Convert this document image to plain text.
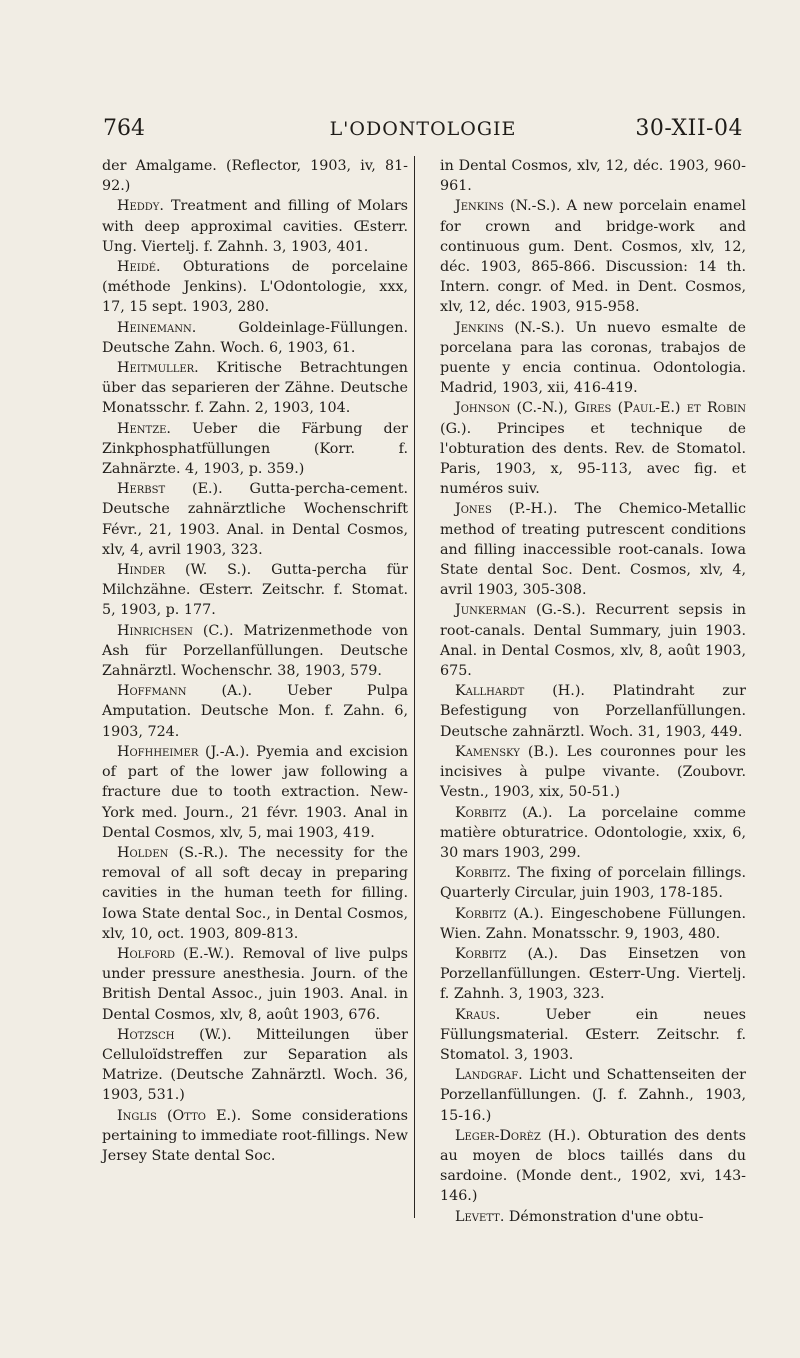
764	L'ODONTOLOGIE	30-XII-04

der Amalgame. (Reflector, 1903, iv, 81-92.)

Heddy. Treatment and filling of Molars with deep approximal cavities. Œsterr. Ung. Viertelj. f. Zahnh. 3, 1903, 401.

Heidé. Obturations de porcelaine (méthode Jenkins). L'Odontologie, xxx, 17, 15 sept. 1903, 280.

Heinemann. Goldeinlage-Füllungen. Deutsche Zahn. Woch. 6, 1903, 61.

Heitmuller. Kritische Betrachtungen über das separieren der Zähne. Deutsche Monatsschr. f. Zahn. 2, 1903, 104.

Hentze. Ueber die Färbung der Zinkphosphatfüllungen (Korr. f. Zahnärzte. 4, 1903, p. 359.)

Herbst (E.). Gutta-percha-cement. Deutsche zahnärztliche Wochenschrift Févr., 21, 1903. Anal. in Dental Cosmos, xlv, 4, avril 1903, 323.

Hinder (W. S.). Gutta-percha für Milchzähne. Œsterr. Zeitschr. f. Stomat. 5, 1903, p. 177.

Hinrichsen (C.). Matrizenmethode von Ash für Porzellanfüllungen. Deutsche Zahnärztl. Wochenschr. 38, 1903, 579.

Hoffmann (A.). Ueber Pulpa Amputation. Deutsche Mon. f. Zahn. 6, 1903, 724.

Hofhheimer (J.-A.). Pyemia and excision of part of the lower jaw following a fracture due to tooth extraction. New-York med. Journ., 21 févr. 1903. Anal in Dental Cosmos, xlv, 5, mai 1903, 419.

Holden (S.-R.). The necessity for the removal of all soft decay in preparing cavities in the human teeth for filling. Iowa State dental Soc., in Dental Cosmos, xlv, 10, oct. 1903, 809-813.

Holford (E.-W.). Removal of live pulps under pressure anesthesia. Journ. of the British Dental Assoc., juin 1903. Anal. in Dental Cosmos, xlv, 8, août 1903, 676.

Hotzsch (W.). Mitteilungen über Celluloïdstreffen zur Separation als Matrize. (Deutsche Zahnärztl. Woch. 36, 1903, 531.)

Inglis (Otto E.). Some considerations pertaining to immediate root-fillings. New Jersey State dental Soc.

in Dental Cosmos, xlv, 12, déc. 1903, 960-961.

Jenkins (N.-S.). A new porcelain enamel for crown and bridge-work and continuous gum. Dent. Cosmos, xlv, 12, déc. 1903, 865-866. Discussion: 14 th. Intern. congr. of Med. in Dent. Cosmos, xlv, 12, déc. 1903, 915-958.

Jenkins (N.-S.). Un nuevo esmalte de porcelana para las coronas, trabajos de puente y encia continua. Odontologia. Madrid, 1903, xii, 416-419.

Johnson (C.-N.), Gires (Paul-E.) et Robin (G.). Principes et technique de l'obturation des dents. Rev. de Stomatol. Paris, 1903, x, 95-113, avec fig. et numéros suiv.

Jones (P.-H.). The Chemico-Metallic method of treating putrescent conditions and filling inaccessible root-canals. Iowa State dental Soc. Dent. Cosmos, xlv, 4, avril 1903, 305-308.

Junkerman (G.-S.). Recurrent sepsis in root-canals. Dental Summary, juin 1903. Anal. in Dental Cosmos, xlv, 8, août 1903, 675.

Kallhardt (H.). Platindraht zur Befestigung von Porzellanfüllungen. Deutsche zahnärztl. Woch. 31, 1903, 449.

Kamensky (B.). Les couronnes pour les incisives à pulpe vivante. (Zoubovr. Vestn., 1903, xix, 50-51.)

Korbitz (A.). La porcelaine comme matière obturatrice. Odontologie, xxix, 6, 30 mars 1903, 299.

Korbitz. The fixing of porcelain fillings. Quarterly Circular, juin 1903, 178-185.

Korbitz (A.). Eingeschobene Füllungen. Wien. Zahn. Monatsschr. 9, 1903, 480.

Korbitz (A.). Das Einsetzen von Porzellanfüllungen. Œsterr-Ung. Viertelj. f. Zahnh. 3, 1903, 323.

Kraus. Ueber ein neues Füllungsmaterial. Œsterr. Zeitschr. f. Stomatol. 3, 1903.

Landgraf. Licht und Schattenseiten der Porzellanfüllungen. (J. f. Zahnh., 1903, 15-16.)

Leger-Dorèz (H.). Obturation des dents au moyen de blocs taillés dans du sardoine. (Monde dent., 1902, xvi, 143-146.)

Levett. Démonstration d'une obtu-
